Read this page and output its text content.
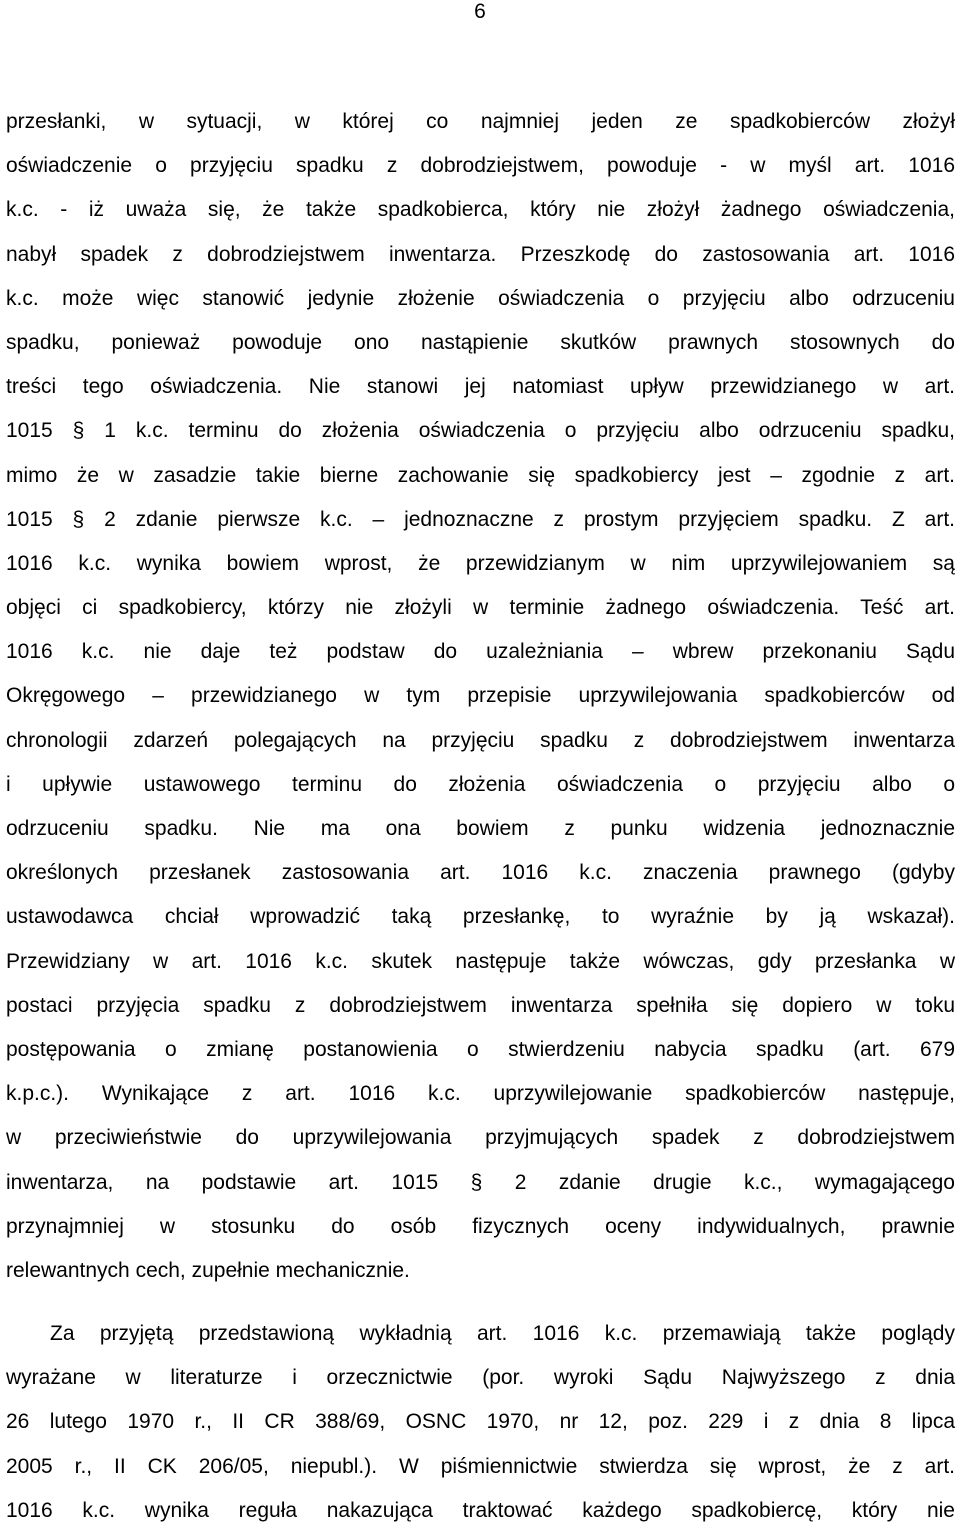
6
przesłanki, w sytuacji, w której co najmniej jeden ze spadkobierców złożył
oświadczenie o przyjęciu spadku z dobrodziejstwem, powoduje - w myśl art. 1016
k.c. - iż uważa się, że także spadkobierca, który nie złożył żadnego oświadczenia,
nabył spadek z dobrodziejstwem inwentarza. Przeszkodę do zastosowania art. 1016
k.c. może więc stanowić jedynie złożenie oświadczenia o przyjęciu albo odrzuceniu
spadku, ponieważ powoduje ono nastąpienie skutków prawnych stosownych do
treści tego oświadczenia. Nie stanowi jej natomiast upływ przewidzianego w art.
1015 § 1 k.c. terminu do złożenia oświadczenia o przyjęciu albo odrzuceniu spadku,
mimo że w zasadzie takie bierne zachowanie się spadkobiercy jest – zgodnie z art.
1015 § 2 zdanie pierwsze k.c. – jednoznaczne z prostym przyjęciem spadku. Z art.
1016 k.c. wynika bowiem wprost, że przewidzianym w nim uprzywilejowaniem są
objęci ci spadkobiercy, którzy nie złożyli w terminie żadnego oświadczenia. Teść art.
1016 k.c. nie daje też podstaw do uzależniania – wbrew przekonaniu Sądu
Okręgowego – przewidzianego w tym przepisie uprzywilejowania spadkobierców od
chronologii zdarzeń polegających na przyjęciu spadku z dobrodziejstwem inwentarza
i upływie ustawowego terminu do złożenia oświadczenia o przyjęciu albo o
odrzuceniu spadku. Nie ma ona bowiem z punku widzenia jednoznacznie
określonych przesłanek zastosowania art. 1016 k.c. znaczenia prawnego (gdyby
ustawodawca chciał wprowadzić taką przesłankę, to wyraźnie by ją wskazał).
Przewidziany w art. 1016 k.c. skutek następuje także wówczas, gdy przesłanka w
postaci przyjęcia spadku z dobrodziejstwem inwentarza spełniła się dopiero w toku
postępowania o zmianę postanowienia o stwierdzeniu nabycia spadku (art. 679
k.p.c.). Wynikające z art. 1016 k.c. uprzywilejowanie spadkobierców następuje,
w przeciwieństwie do uprzywilejowania przyjmujących spadek z dobrodziejstwem
inwentarza, na podstawie art. 1015 § 2 zdanie drugie k.c., wymagającego
przynajmniej w stosunku do osób fizycznych oceny indywidualnych, prawnie
relewantnych cech, zupełnie mechanicznie.
Za przyjętą przedstawioną wykładnią art. 1016 k.c. przemawiają także poglądy
wyrażane w literaturze i orzecznictwie (por. wyroki Sądu Najwyższego z dnia
26 lutego 1970 r., II CR 388/69, OSNC 1970, nr 12, poz. 229 i z dnia 8 lipca
2005 r., II CK 206/05, niepubl.). W piśmiennictwie stwierdza się wprost, że z art.
1016 k.c. wynika reguła nakazująca traktować każdego spadkobiercę, który nie
